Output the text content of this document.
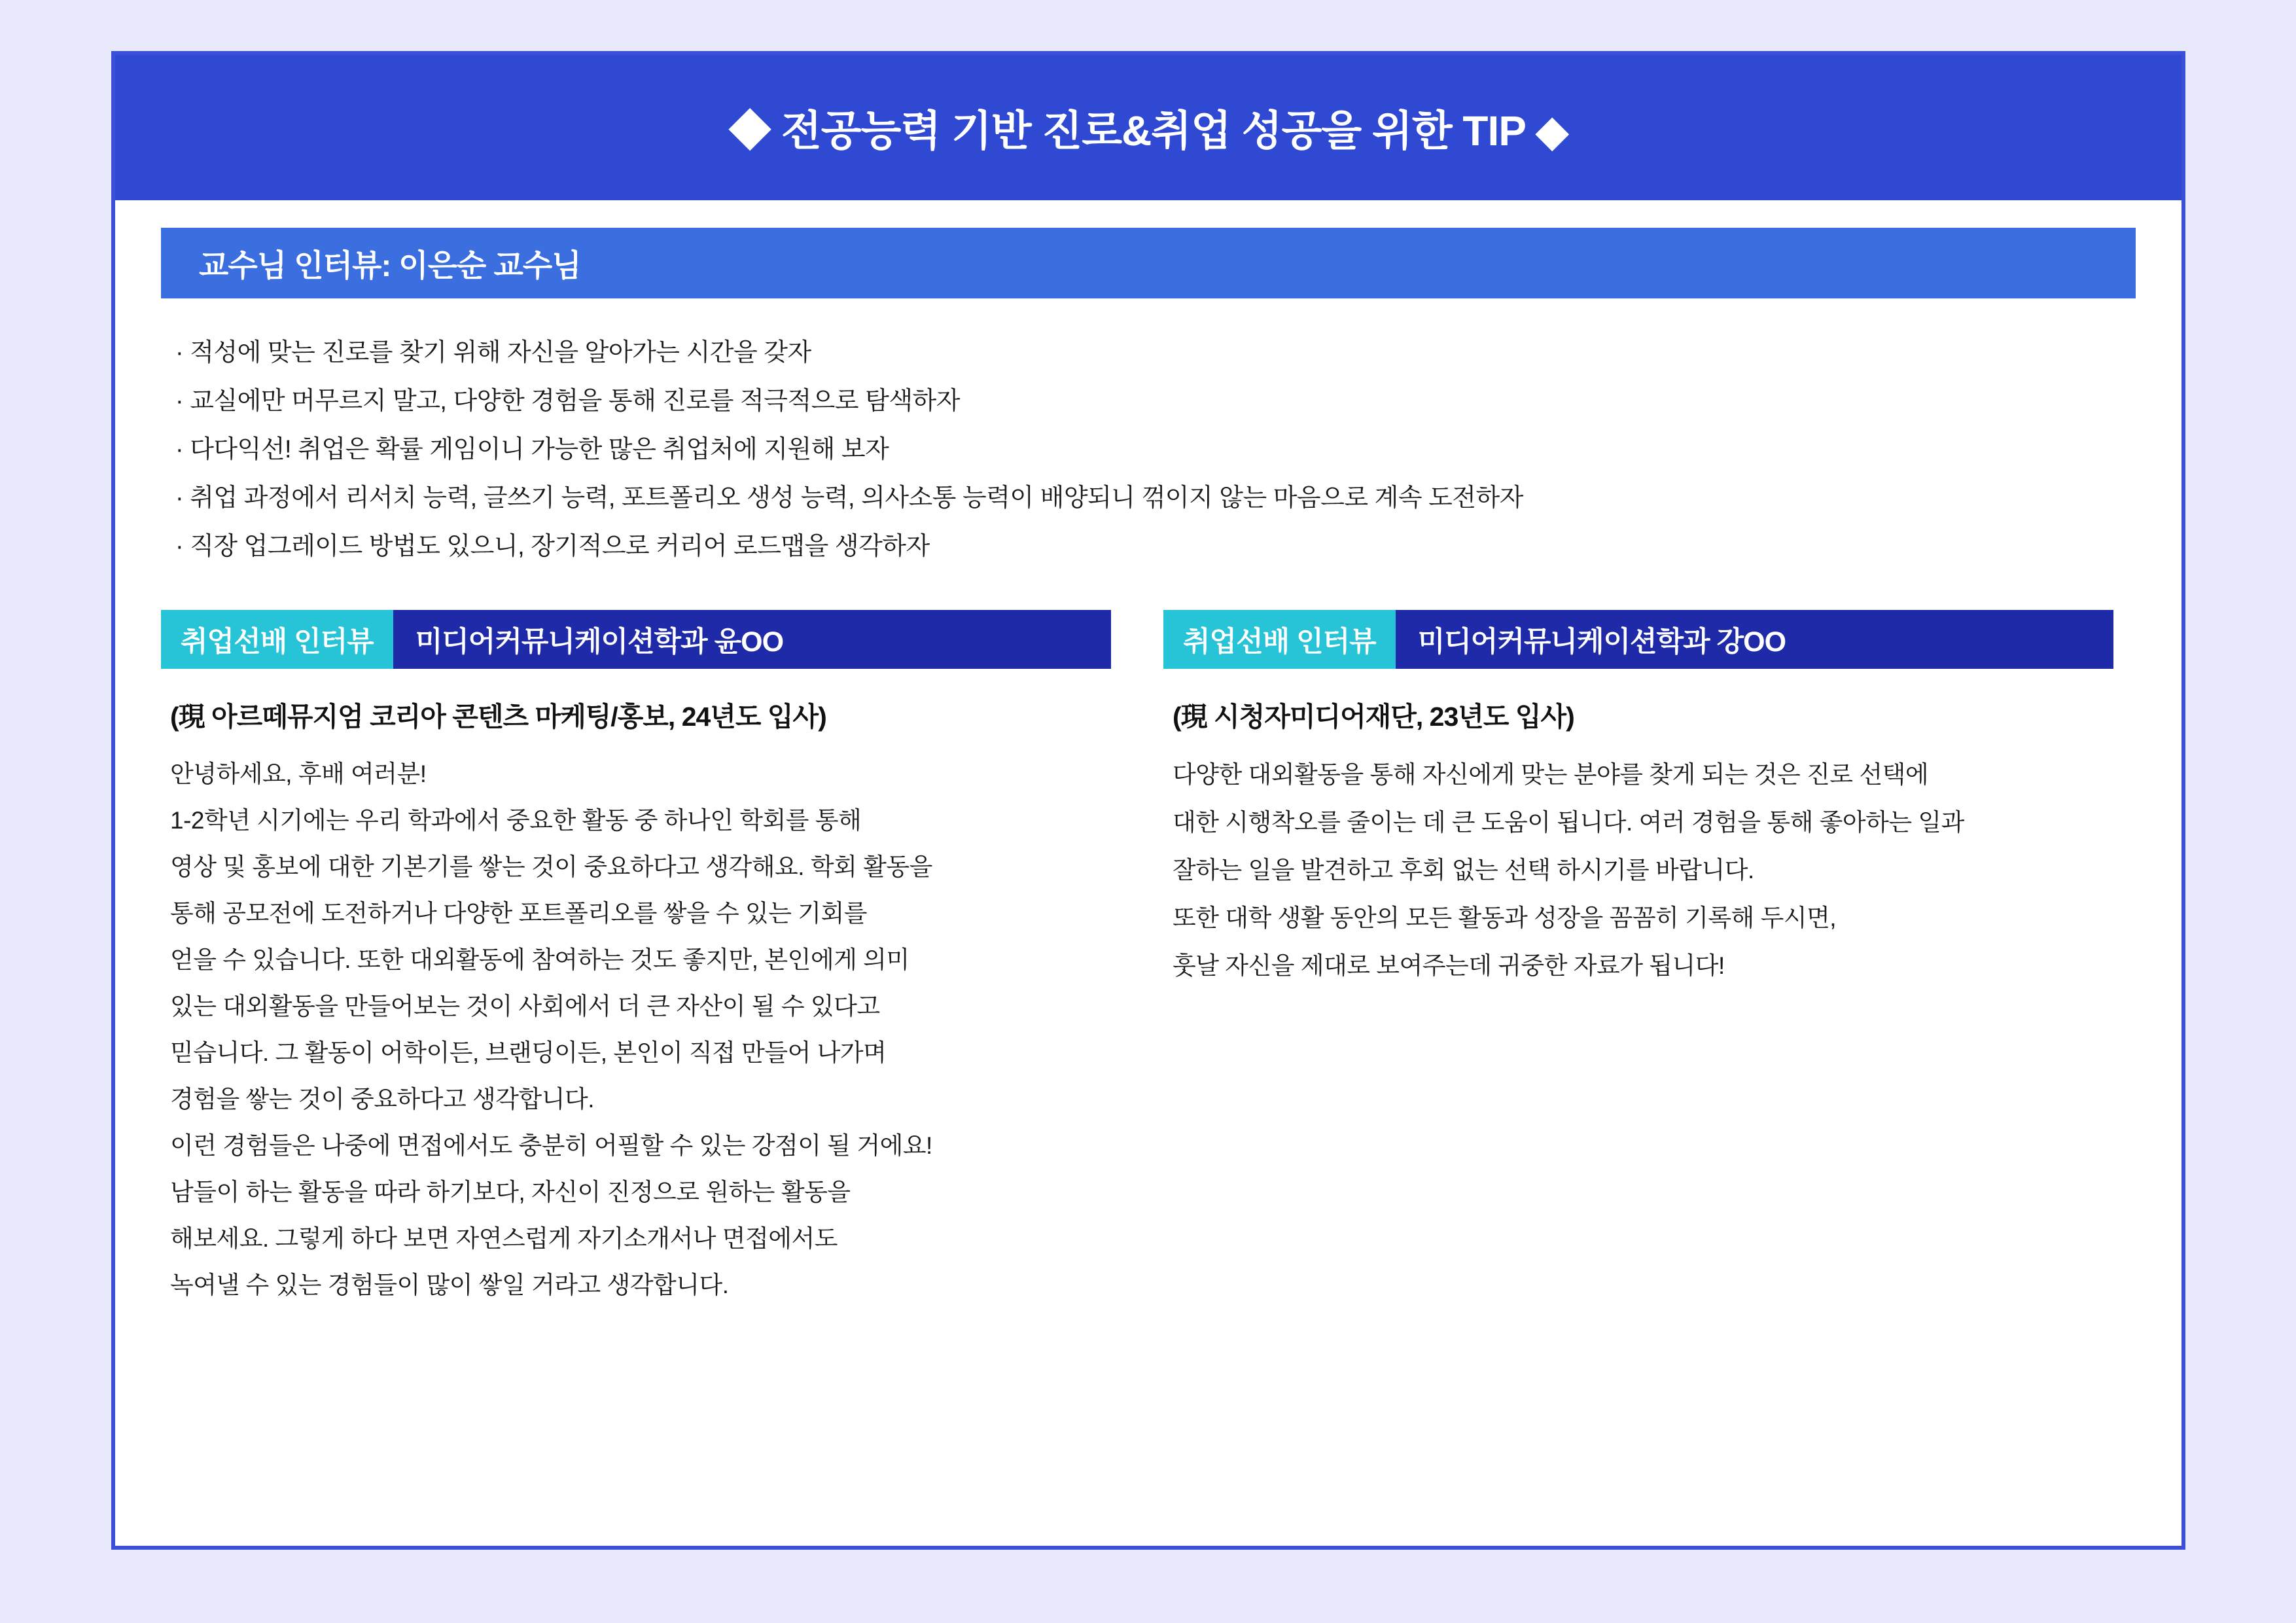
◆ 전공능력 기반 진로&취업 성공을 위한 TIP ◆
교수님 인터뷰: 이은순 교수님
· 적성에 맞는 진로를 찾기 위해 자신을 알아가는 시간을 갖자
· 교실에만 머무르지 말고, 다양한 경험을 통해 진로를 적극적으로 탐색하자
· 다다익선! 취업은 확률 게임이니 가능한 많은 취업처에 지원해 보자
· 취업 과정에서 리서치 능력, 글쓰기 능력, 포트폴리오 생성 능력, 의사소통 능력이 배양되니 꺾이지 않는 마음으로 계속 도전하자
· 직장 업그레이드 방법도 있으니, 장기적으로 커리어 로드맵을 생각하자
취업선배 인터뷰 미디어커뮤니케이션학과 윤OO
(現 아르떼뮤지엄 코리아 콘텐츠 마케팅/홍보, 24년도 입사)
안녕하세요, 후배 여러분!
1-2학년 시기에는 우리 학과에서 중요한 활동 중 하나인 학회를 통해
영상 및 홍보에 대한 기본기를 쌓는 것이 중요하다고 생각해요. 학회 활동을
통해 공모전에 도전하거나 다양한 포트폴리오를 쌓을 수 있는 기회를
얻을 수 있습니다. 또한 대외활동에 참여하는 것도 좋지만, 본인에게 의미
있는 대외활동을 만들어보는 것이 사회에서 더 큰 자산이 될 수 있다고
믿습니다. 그 활동이 어학이든, 브랜딩이든, 본인이 직접 만들어 나가며
경험을 쌓는 것이 중요하다고 생각합니다.
이런 경험들은 나중에 면접에서도 충분히 어필할 수 있는 강점이 될 거에요!
남들이 하는 활동을 따라 하기보다, 자신이 진정으로 원하는 활동을
해보세요. 그렇게 하다 보면 자연스럽게 자기소개서나 면접에서도
녹여낼 수 있는 경험들이 많이 쌓일 거라고 생각합니다.
취업선배 인터뷰 미디어커뮤니케이션학과 강OO
(現 시청자미디어재단, 23년도 입사)
다양한 대외활동을 통해 자신에게 맞는 분야를 찾게 되는 것은 진로 선택에
대한 시행착오를 줄이는 데 큰 도움이 됩니다. 여러 경험을 통해 좋아하는 일과
잘하는 일을 발견하고 후회 없는 선택 하시기를 바랍니다.
또한 대학 생활 동안의 모든 활동과 성장을 꼼꼼히 기록해 두시면,
훗날 자신을 제대로 보여주는데 귀중한 자료가 됩니다!
